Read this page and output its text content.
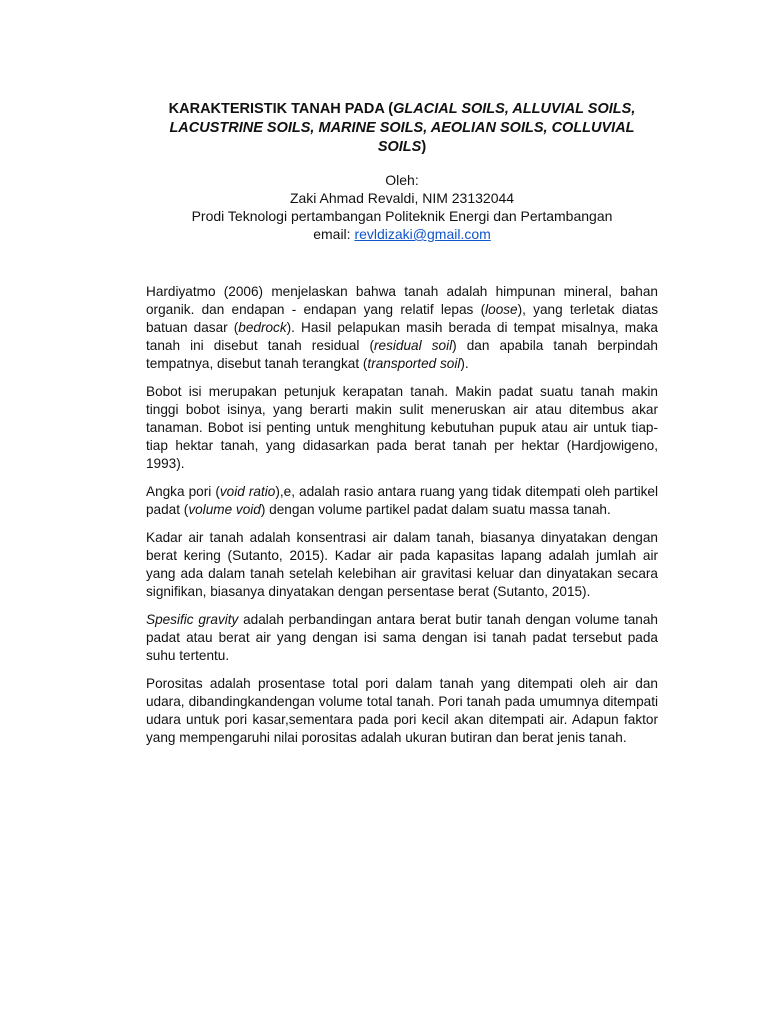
KARAKTERISTIK TANAH PADA (GLACIAL SOILS, ALLUVIAL SOILS, LACUSTRINE SOILS, MARINE SOILS, AEOLIAN SOILS, COLLUVIAL SOILS)
Oleh:
Zaki Ahmad Revaldi, NIM 23132044
Prodi Teknologi pertambangan Politeknik Energi dan Pertambangan
email: revldizaki@gmail.com

Hardiyatmo (2006) menjelaskan bahwa tanah adalah himpunan mineral, bahan organik. dan endapan - endapan yang relatif lepas (loose), yang terletak diatas batuan dasar (bedrock). Hasil pelapukan masih berada di tempat misalnya, maka tanah ini disebut tanah residual (residual soil) dan apabila tanah berpindah tempatnya, disebut tanah terangkat (transported soil).

Bobot isi merupakan petunjuk kerapatan tanah. Makin padat suatu tanah makin tinggi bobot isinya, yang berarti makin sulit meneruskan air atau ditembus akar tanaman. Bobot isi penting untuk menghitung kebutuhan pupuk atau air untuk tiap-tiap hektar tanah, yang didasarkan pada berat tanah per hektar (Hardjowigeno, 1993).

Angka pori (void ratio),e, adalah rasio antara ruang yang tidak ditempati oleh partikel padat (volume void) dengan volume partikel padat dalam suatu massa tanah.

Kadar air tanah adalah konsentrasi air dalam tanah, biasanya dinyatakan dengan berat kering (Sutanto, 2015). Kadar air pada kapasitas lapang adalah jumlah air yang ada dalam tanah setelah kelebihan air gravitasi keluar dan dinyatakan secara signifikan, biasanya dinyatakan dengan persentase berat (Sutanto, 2015).

Spesific gravity adalah perbandingan antara berat butir tanah dengan volume tanah padat atau berat air yang dengan isi sama dengan isi tanah padat tersebut pada suhu tertentu.

Porositas adalah prosentase total pori dalam tanah yang ditempati oleh air dan udara, dibandingkandengan volume total tanah. Pori tanah pada umumnya ditempati udara untuk pori kasar,sementara pada pori kecil akan ditempati air. Adapun faktor yang mempengaruhi nilai porositas adalah ukuran butiran dan berat jenis tanah.
